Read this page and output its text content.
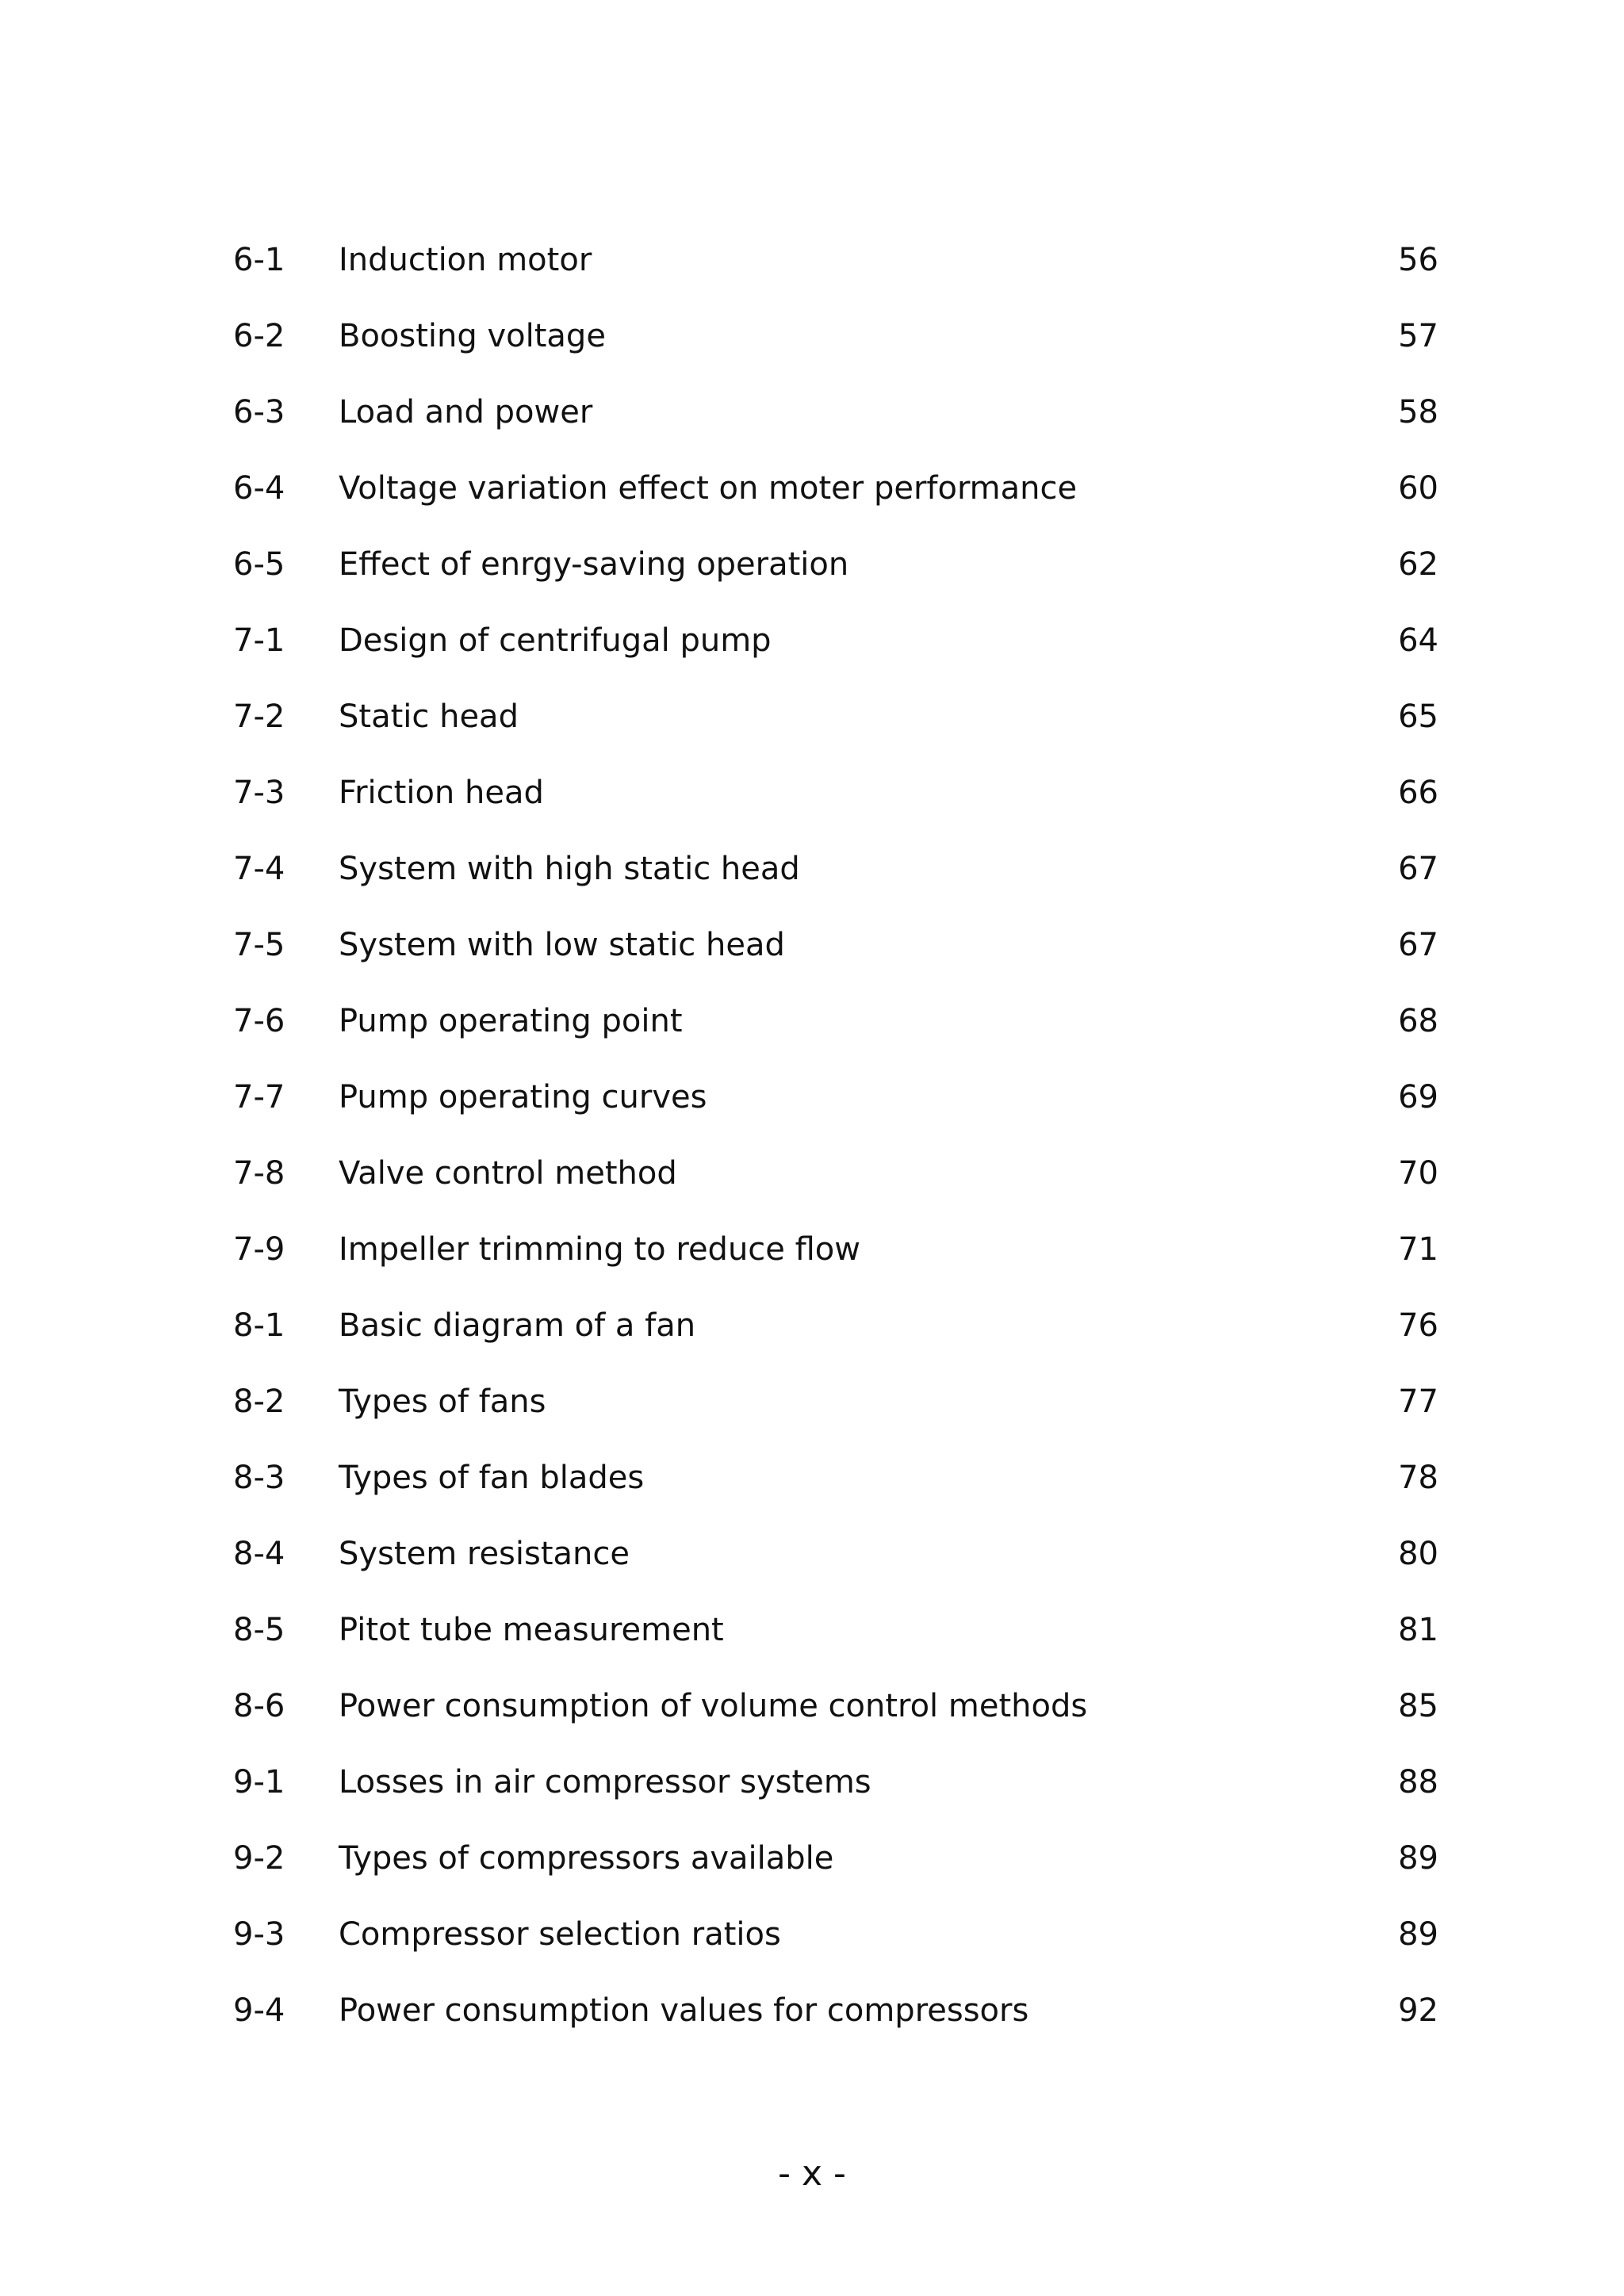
6-1 Induction motor	56
6-2 Boosting voltage	57
6-3 Load and power	58
6-4 Voltage variation effect on moter performance	60
6-5 Effect of enrgy-saving operation	62
7-1 Design of centrifugal pump	64
7-2 Static head	65
7-3 Friction head	66
7-4 System with high static head	67
7-5 System with low static head	67
7-6 Pump operating point	68
7-7 Pump operating curves	69
7-8 Valve control method	70
7-9 Impeller trimming to reduce flow	71
8-1 Basic diagram of a fan	76
8-2 Types of fans	77
8-3 Types of fan blades	78
8-4 System resistance	80
8-5 Pitot tube measurement	81
8-6 Power consumption of volume control methods	85
9-1 Losses in air compressor systems	88
9-2 Types of compressors available	89
9-3 Compressor selection ratios	89
9-4 Power consumption values for compressors	92
- x -
